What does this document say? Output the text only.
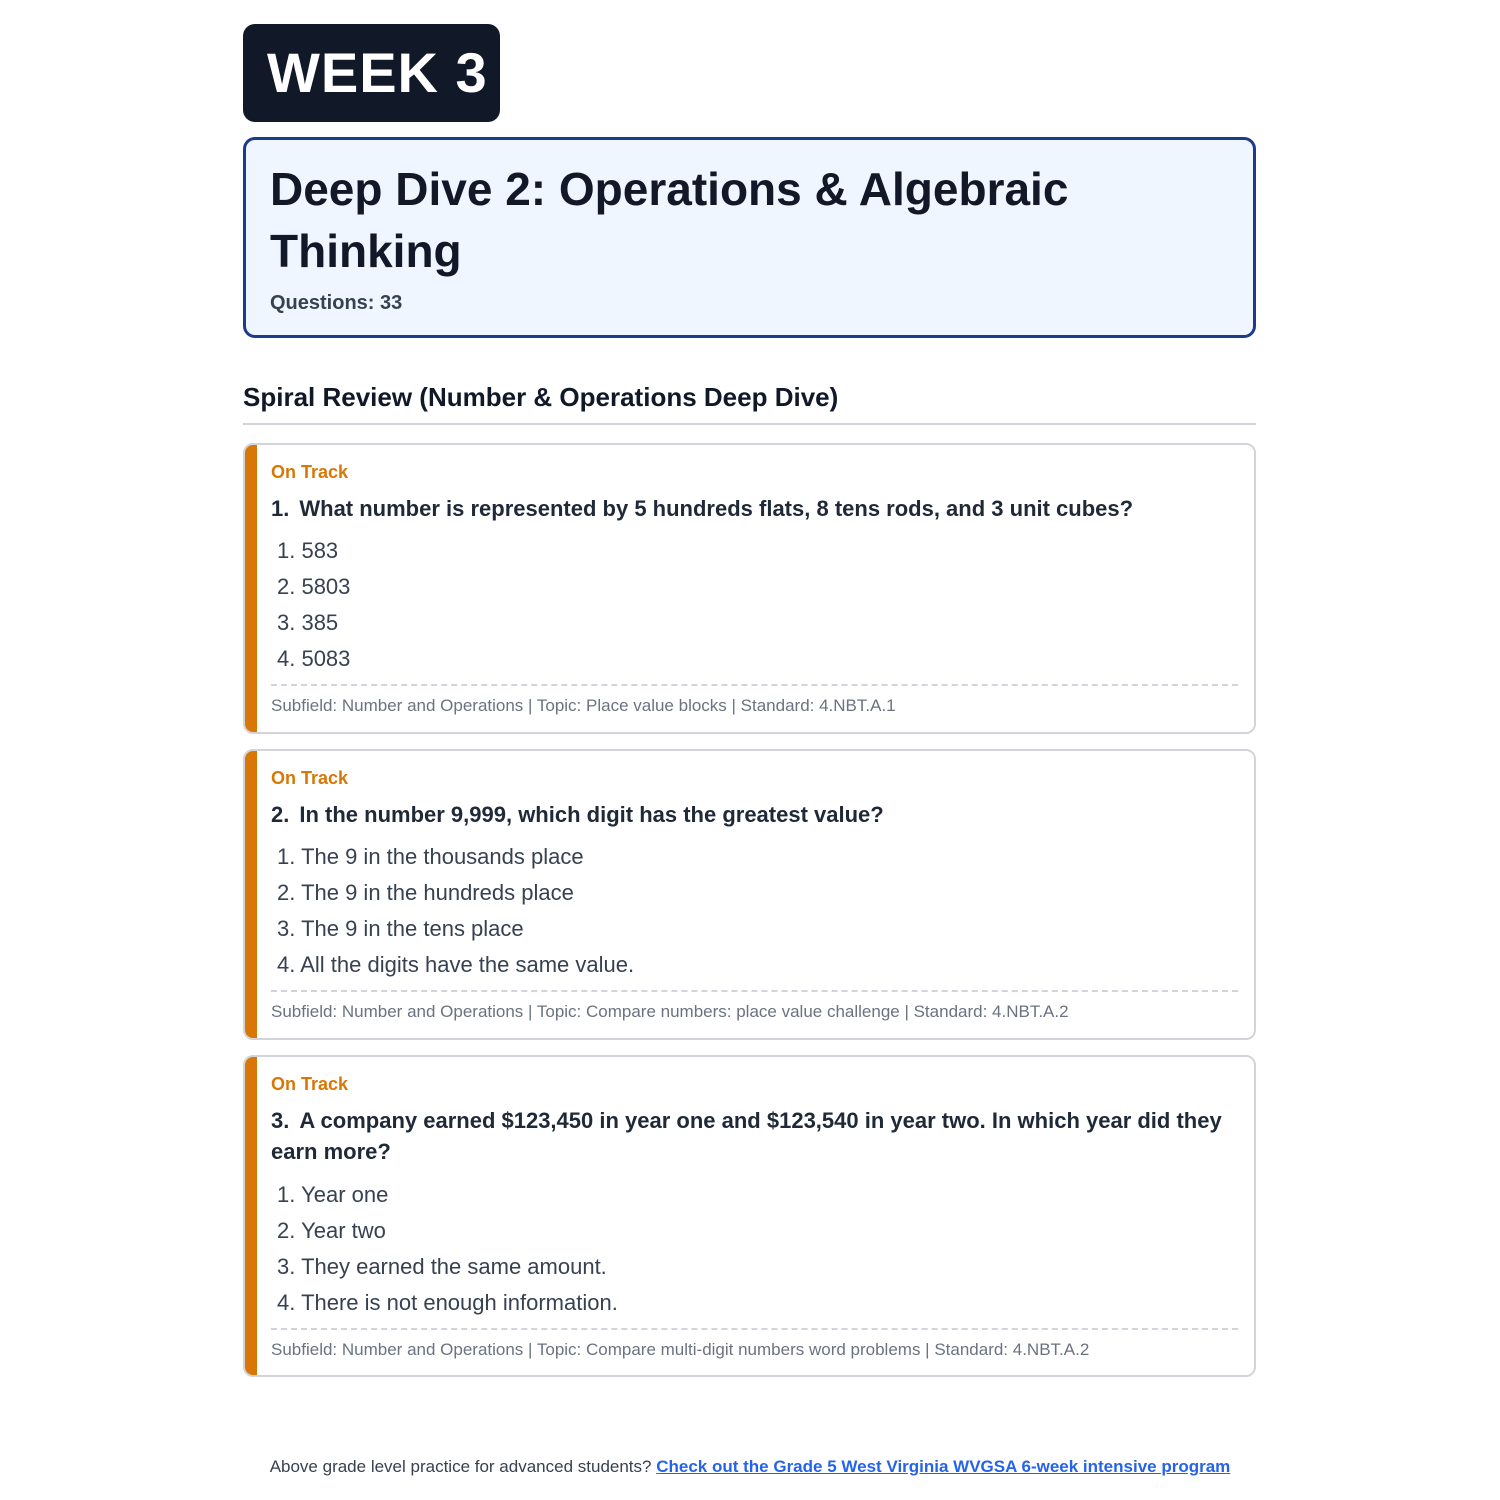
WEEK 3
Deep Dive 2: Operations & Algebraic Thinking
Questions: 33
Spiral Review (Number & Operations Deep Dive)
On Track
1. What number is represented by 5 hundreds flats, 8 tens rods, and 3 unit cubes?
1. 583
2. 5803
3. 385
4. 5083
Subfield: Number and Operations | Topic: Place value blocks | Standard: 4.NBT.A.1
On Track
2. In the number 9,999, which digit has the greatest value?
1. The 9 in the thousands place
2. The 9 in the hundreds place
3. The 9 in the tens place
4. All the digits have the same value.
Subfield: Number and Operations | Topic: Compare numbers: place value challenge | Standard: 4.NBT.A.2
On Track
3. A company earned $123,450 in year one and $123,540 in year two. In which year did they earn more?
1. Year one
2. Year two
3. They earned the same amount.
4. There is not enough information.
Subfield: Number and Operations | Topic: Compare multi-digit numbers word problems | Standard: 4.NBT.A.2
Above grade level practice for advanced students? Check out the Grade 5 West Virginia WVGSA 6-week intensive program
